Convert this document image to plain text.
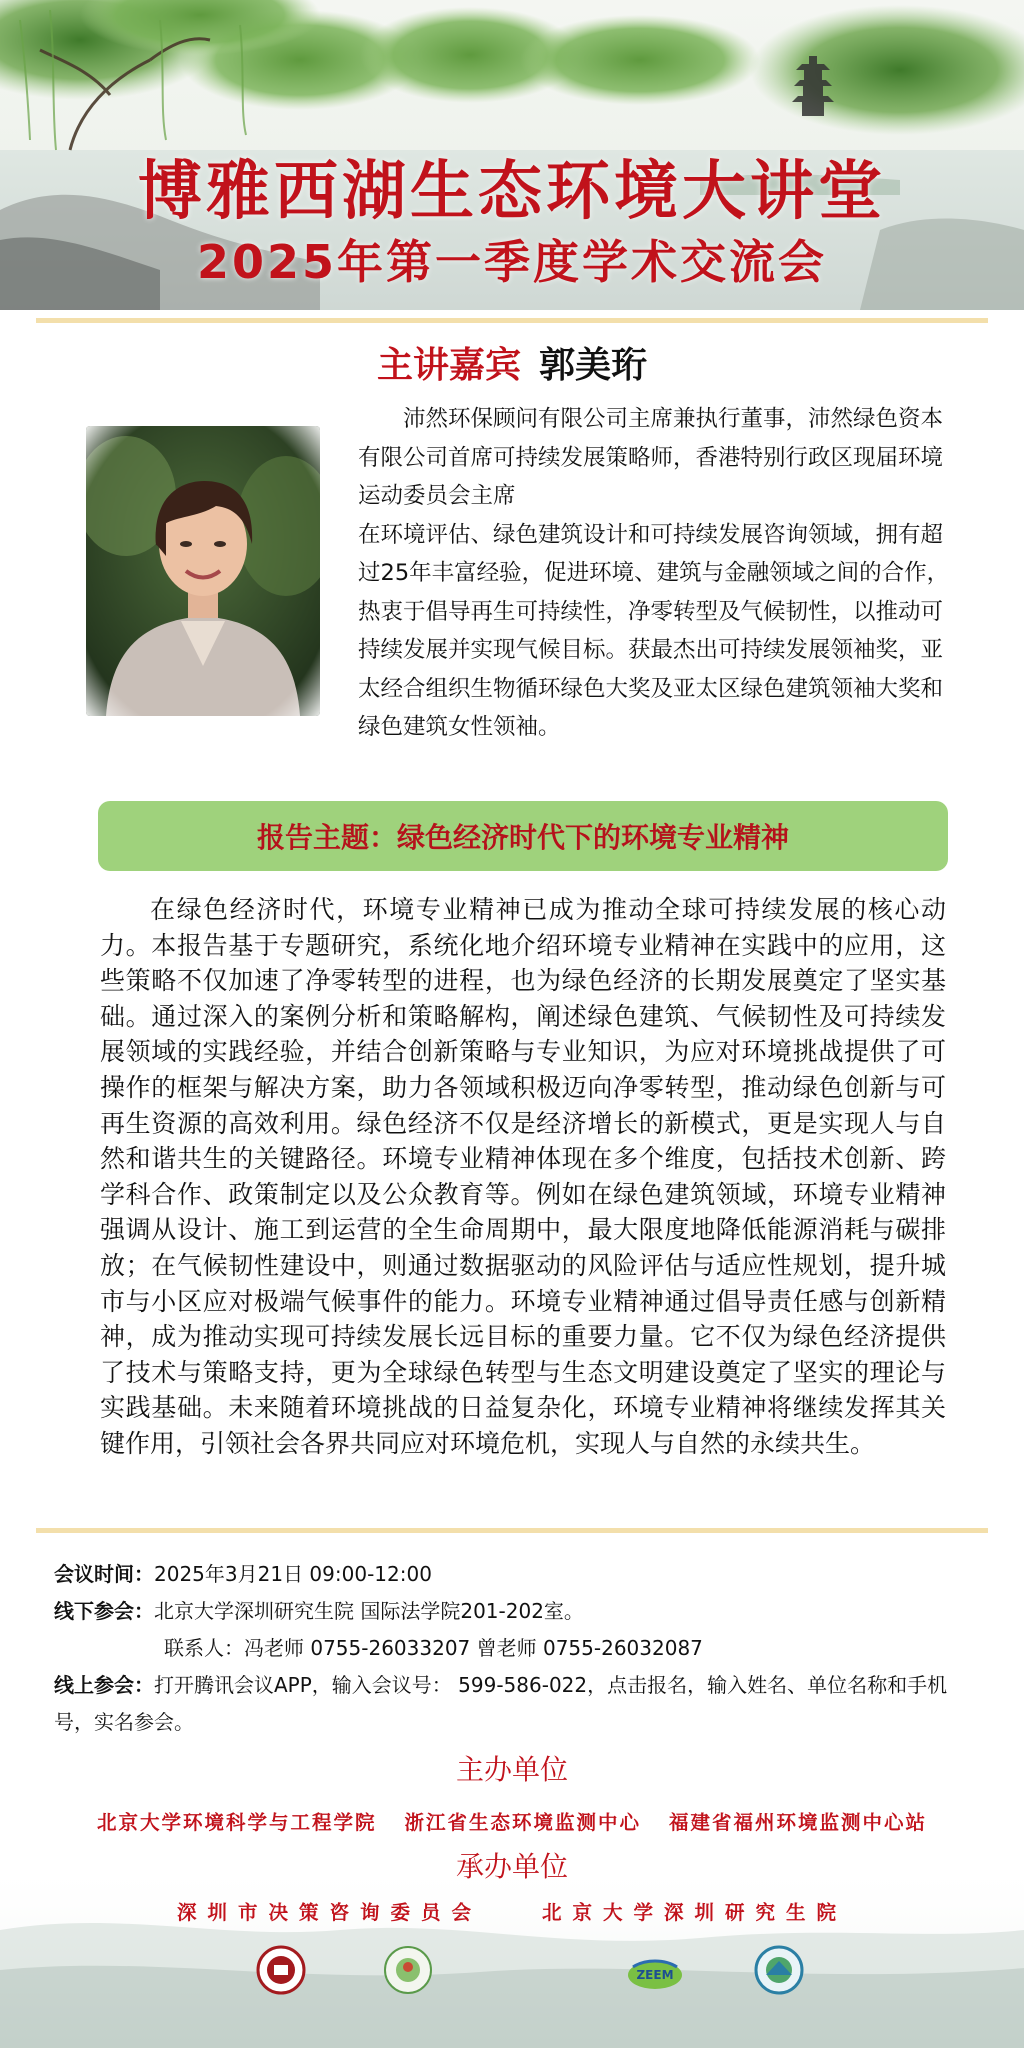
博雅西湖生态环境大讲堂
2025年第一季度学术交流会
主讲嘉宾 郭美珩

沛然环保顾问有限公司主席兼执行董事，沛然绿色资本有限公司首席可持续发展策略师，香港特别行政区现届环境运动委员会主席

在环境评估、绿色建筑设计和可持续发展咨询领域，拥有超过25年丰富经验，促进环境、建筑与金融领域之间的合作，热衷于倡导再生可持续性，净零转型及气候韧性，以推动可持续发展并实现气候目标。获最杰出可持续发展领袖奖，亚太经合组织生物循环绿色大奖及亚太区绿色建筑领袖大奖和绿色建筑女性领袖。

报告主题：绿色经济时代下的环境专业精神

在绿色经济时代，环境专业精神已成为推动全球可持续发展的核心动力。本报告基于专题研究，系统化地介绍环境专业精神在实践中的应用，这些策略不仅加速了净零转型的进程，也为绿色经济的长期发展奠定了坚实基础。通过深入的案例分析和策略解构，阐述绿色建筑、气候韧性及可持续发展领域的实践经验，并结合创新策略与专业知识，为应对环境挑战提供了可操作的框架与解决方案，助力各领域积极迈向净零转型，推动绿色创新与可再生资源的高效利用。绿色经济不仅是经济增长的新模式，更是实现人与自然和谐共生的关键路径。环境专业精神体现在多个维度，包括技术创新、跨学科合作、政策制定以及公众教育等。例如在绿色建筑领域，环境专业精神强调从设计、施工到运营的全生命周期中，最大限度地降低能源消耗与碳排放；在气候韧性建设中，则通过数据驱动的风险评估与适应性规划，提升城市与小区应对极端气候事件的能力。环境专业精神通过倡导责任感与创新精神，成为推动实现可持续发展长远目标的重要力量。它不仅为绿色经济提供了技术与策略支持，更为全球绿色转型与生态文明建设奠定了坚实的理论与实践基础。未来随着环境挑战的日益复杂化，环境专业精神将继续发挥其关键作用，引领社会各界共同应对环境危机，实现人与自然的永续共生。

会议时间：2025年3月21日 09:00-12:00
线下参会：北京大学深圳研究生院 国际法学院201-202室。
联系人：冯老师 0755-26033207 曾老师 0755-26032087
线上参会：打开腾讯会议APP，输入会议号： 599-586-022，点击报名，输入姓名、单位名称和手机号，实名参会。
主办单位
北京大学环境科学与工程学院 浙江省生态环境监测中心 福建省福州环境监测中心站
承办单位
深圳市决策咨询委员会	北京大学深圳研究生院
ZEEM
